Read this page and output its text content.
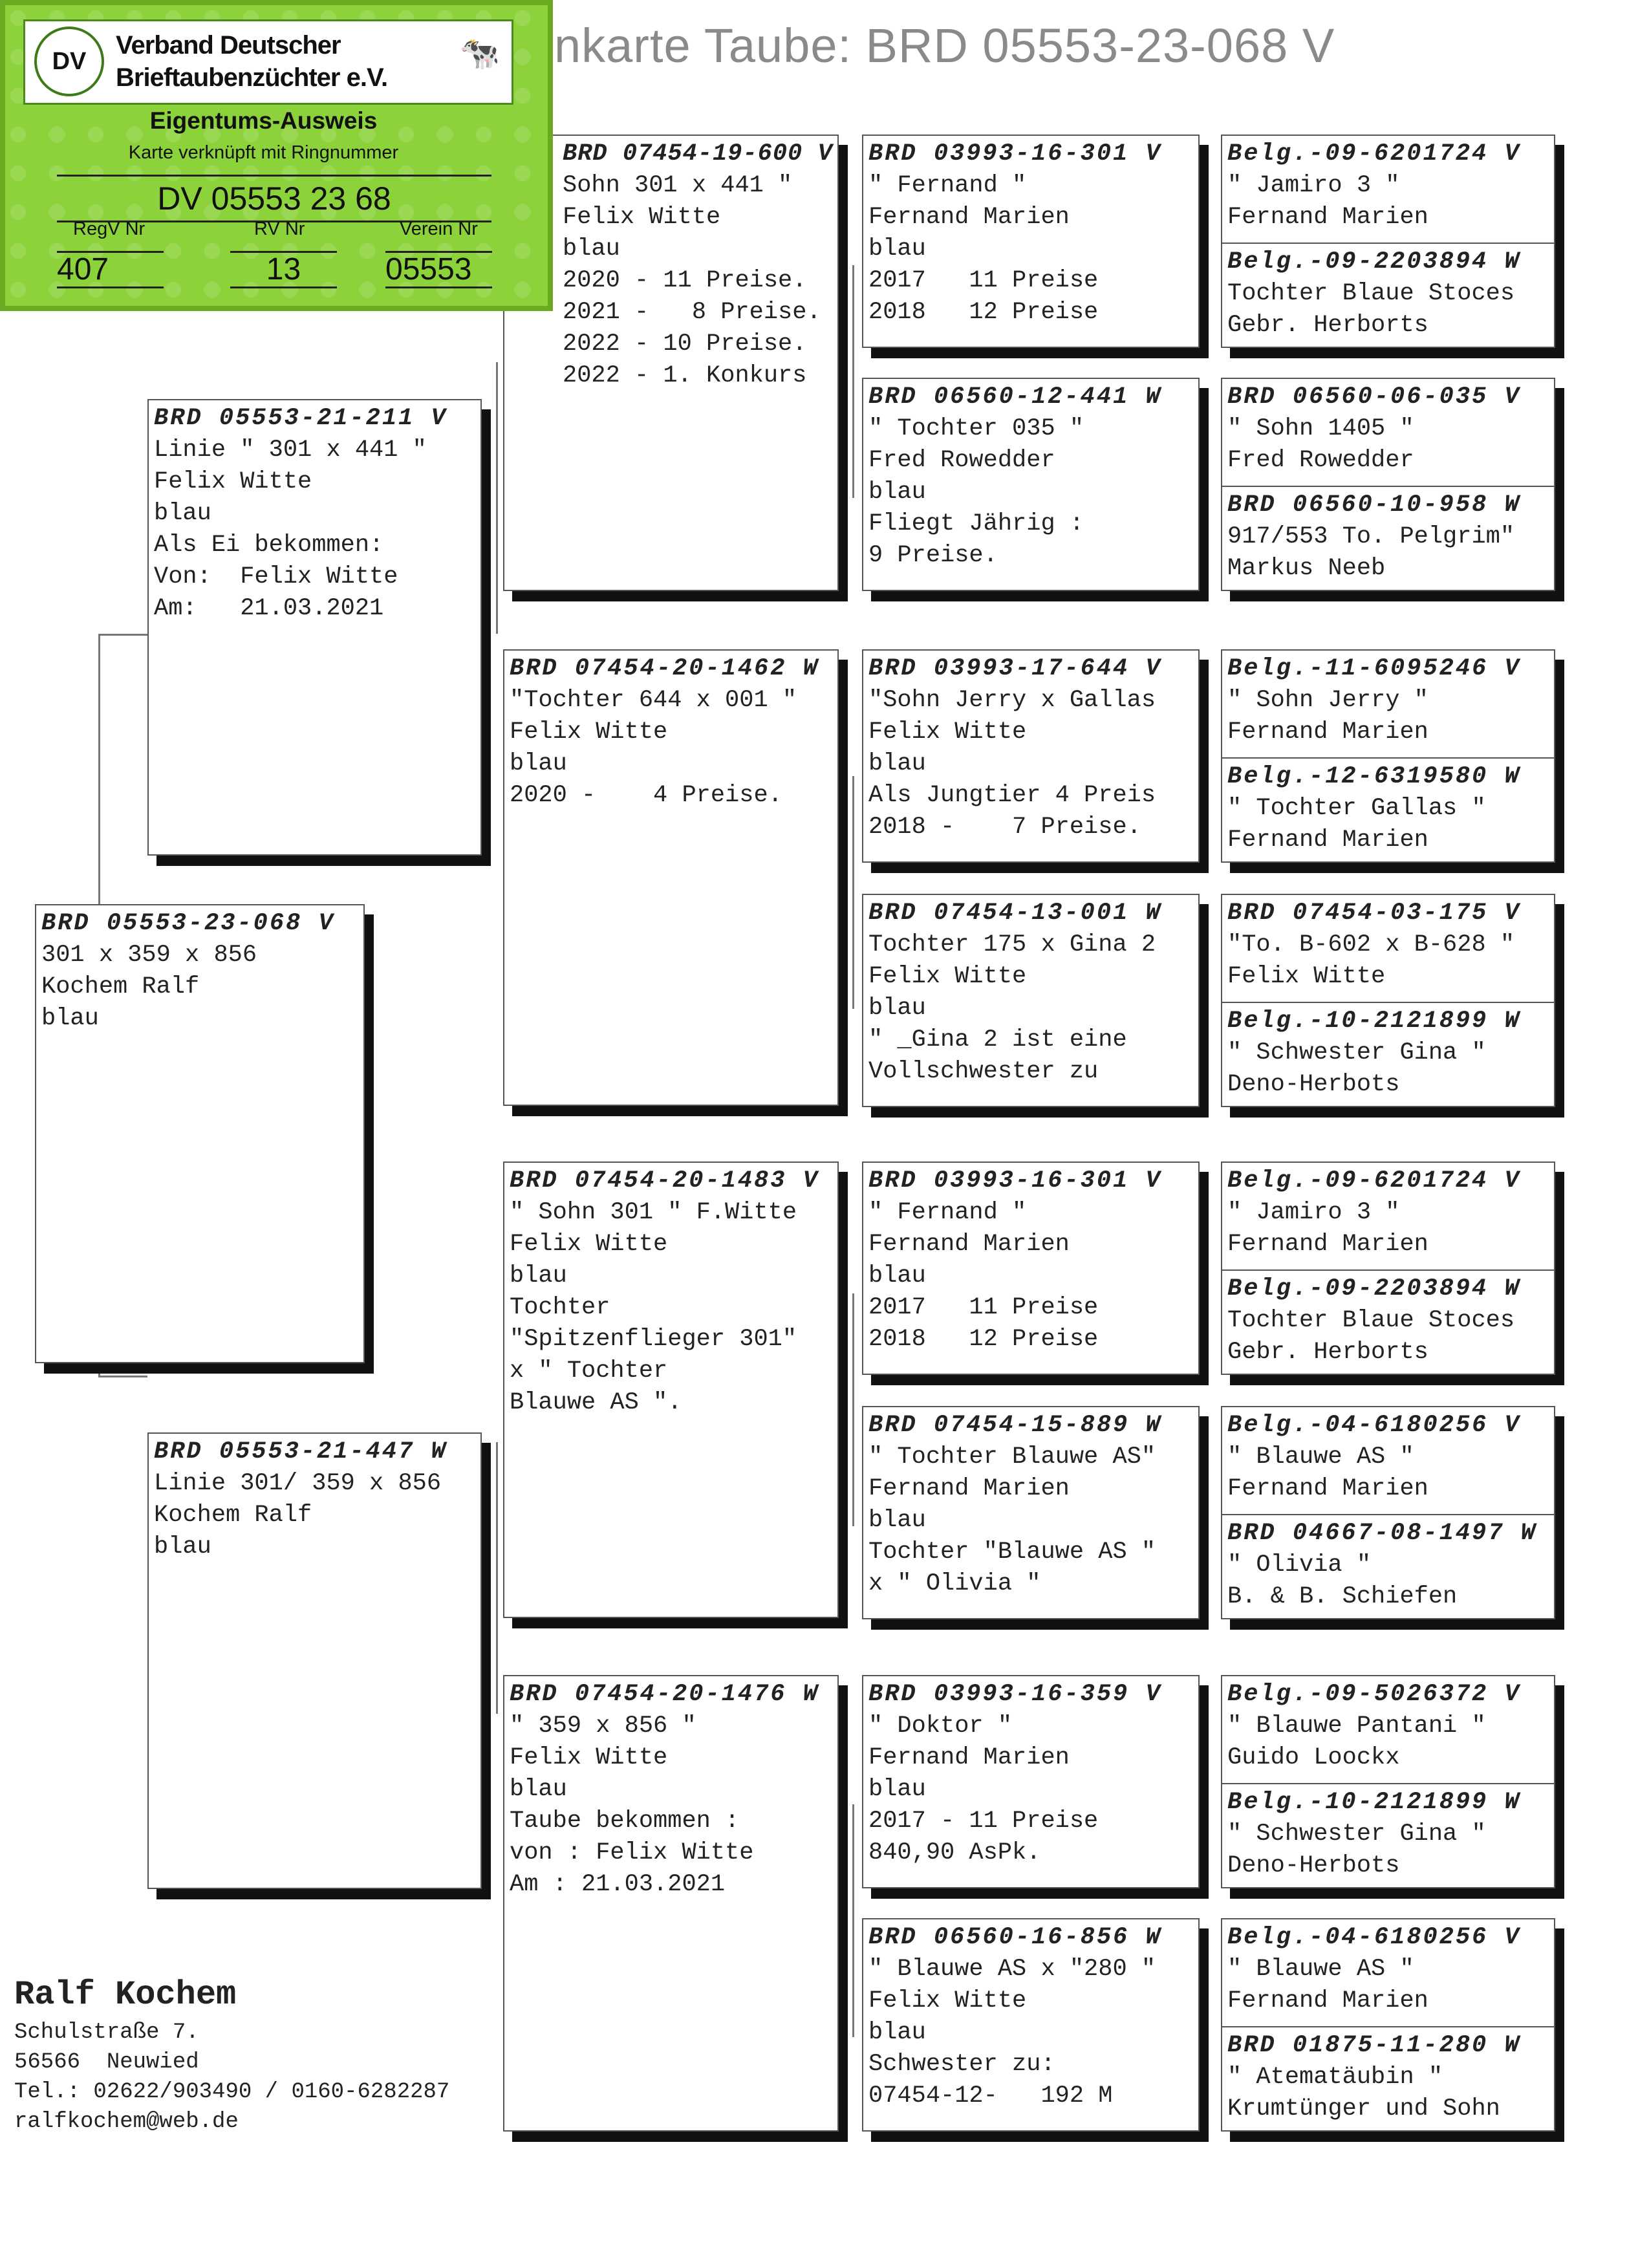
nkarte Taube: BRD 05553-23-068 V
BRD 05553-23-068 V
301 x 359 x 856
Kochem Ralf
blau
BRD 05553-21-211 V
Linie " 301 x 441 "
Felix Witte
blau
Als Ei bekommen:
Von:  Felix Witte
Am:   21.03.2021
BRD 05553-21-447 W
Linie 301/ 359 x 856
Kochem Ralf
blau
BRD 07454-19-600 V
Sohn 301 x 441 "
Felix Witte
blau
2020 - 11 Preise.
2021 -   8 Preise.
2022 - 10 Preise.
2022 - 1. Konkurs
BRD 07454-20-1462 W
"Tochter 644 x 001 "
Felix Witte
blau
2020 -    4 Preise.
BRD 07454-20-1483 V
" Sohn 301 " F.Witte
Felix Witte
blau
Tochter
"Spitzenflieger 301"
x " Tochter
Blauwe AS ".
BRD 07454-20-1476 W
" 359 x 856 "
Felix Witte
blau
Taube bekommen :
von : Felix Witte
Am : 21.03.2021
BRD 03993-16-301 V
" Fernand "
Fernand Marien
blau
2017   11 Preise
2018   12 Preise
BRD 06560-12-441 W
" Tochter 035 "
Fred Rowedder
blau
Fliegt Jährig :
9 Preise.
BRD 03993-17-644 V
"Sohn Jerry x Gallas
Felix Witte
blau
Als Jungtier 4 Preis
2018 -    7 Preise.
BRD 07454-13-001 W
Tochter 175 x Gina 2
Felix Witte
blau
" _Gina 2 ist eine
Vollschwester zu
BRD 03993-16-301 V
" Fernand "
Fernand Marien
blau
2017   11 Preise
2018   12 Preise
BRD 07454-15-889 W
" Tochter Blauwe AS"
Fernand Marien
blau
Tochter "Blauwe AS "
x " Olivia "
BRD 03993-16-359 V
" Doktor "
Fernand Marien
blau
2017 - 11 Preise
840,90 AsPk.
BRD 06560-16-856 W
" Blauwe AS x "280 "
Felix Witte
blau
Schwester zu:
07454-12-   192 M
Belg.-09-6201724 V
" Jamiro 3 "
Fernand Marien
Belg.-09-2203894 W
Tochter Blaue Stoces
Gebr. Herborts
BRD 06560-06-035 V
" Sohn 1405 "
Fred Rowedder
BRD 06560-10-958 W
917/553 To. Pelgrim"
Markus Neeb
Belg.-11-6095246 V
" Sohn Jerry "
Fernand Marien
Belg.-12-6319580 W
" Tochter Gallas "
Fernand Marien
BRD 07454-03-175 V
"To. B-602 x B-628 "
Felix Witte
Belg.-10-2121899 W
" Schwester Gina "
Deno-Herbots
Belg.-09-6201724 V
" Jamiro 3 "
Fernand Marien
Belg.-09-2203894 W
Tochter Blaue Stoces
Gebr. Herborts
Belg.-04-6180256 V
" Blauwe AS "
Fernand Marien
BRD 04667-08-1497 W
" Olivia "
B. & B. Schiefen
Belg.-09-5026372 V
" Blauwe Pantani "
Guido Loockx
Belg.-10-2121899 W
" Schwester Gina "
Deno-Herbots
Belg.-04-6180256 V
" Blauwe AS "
Fernand Marien
BRD 01875-11-280 W
" Atematäubin "
Krumtünger und Sohn
DV
Verband Deutscher
Brieftaubenzüchter e.V.
🐄
Eigentums-Ausweis
Karte verknüpft mit Ringnummer
DV 05553 23 68
RegV Nr	RV Nr	Verein Nr
407	13	05553
Ralf Kochem
Schulstraße 7.
56566  Neuwied
Tel.: 02622/903490 / 0160-6282287
ralfkochem@web.de
